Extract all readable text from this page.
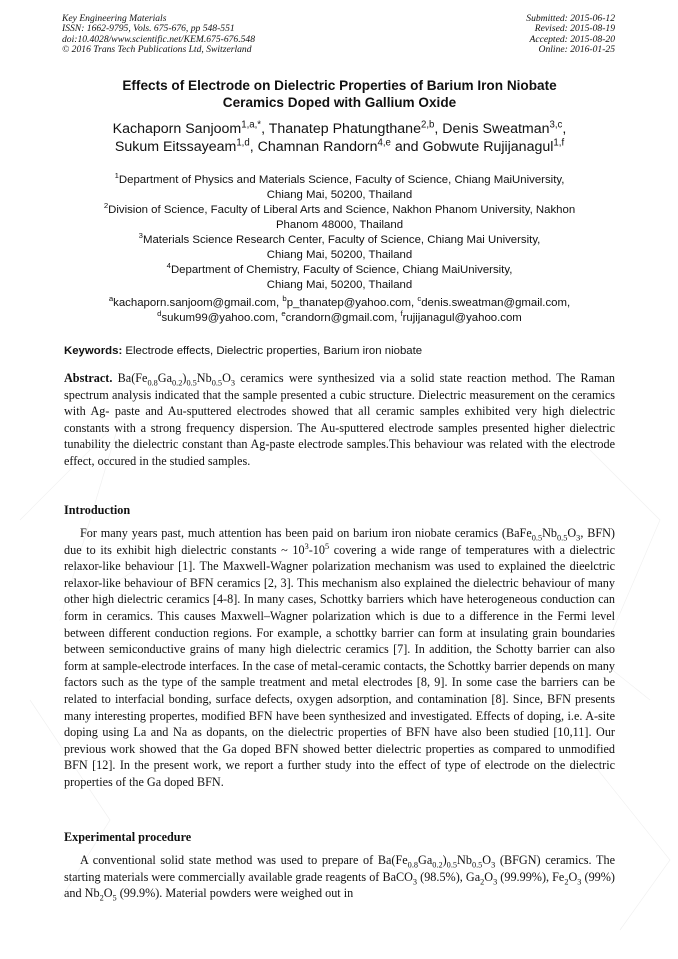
Key Engineering Materials
ISSN: 1662-9795, Vols. 675-676, pp 548-551
doi:10.4028/www.scientific.net/KEM.675-676.548
© 2016 Trans Tech Publications Ltd, Switzerland
Submitted: 2015-06-12
Revised: 2015-08-19
Accepted: 2015-08-20
Online: 2016-01-25
Effects of Electrode on Dielectric Properties of Barium Iron Niobate
Ceramics Doped with Gallium Oxide
Kachaporn Sanjoom$^{1,a,*}$, Thanatep Phatungthane$^{2,b}$, Denis Sweatman$^{3,c}$,
Sukum Eitssayeam$^{1,d}$, Chamnan Randorn$^{4,e}$ and Gobwute Rujijanagul$^{1,f}$
$^1$Department of Physics and Materials Science, Faculty of Science, Chiang MaiUniversity,
Chiang Mai, 50200, Thailand
$^2$Division of Science, Faculty of Liberal Arts and Science, Nakhon Phanom University, Nakhon
Phanom 48000, Thailand
$^3$Materials Science Research Center, Faculty of Science, Chiang Mai University,
Chiang Mai, 50200, Thailand
$^4$Department of Chemistry, Faculty of Science, Chiang MaiUniversity,
Chiang Mai, 50200, Thailand
$^a$kachaporn.sanjoom@gmail.com, $^b$p_thanatep@yahoo.com, $^c$denis.sweatman@gmail.com,
$^d$sukum99@yahoo.com, $^e$crandorn@gmail.com, $^f$rujijanagul@yahoo.com
Keywords: Electrode effects, Dielectric properties, Barium iron niobate
Abstract. $Ba(Fe_{0.8}Ga_{0.2})_{0.5}Nb_{0.5}O_3$ ceramics were synthesized via a solid state reaction method. The Raman spectrum analysis indicated that the sample presented a cubic structure. Dielectric measurement on the ceramics with Ag- paste and Au-sputtered electrodes showed that all ceramic samples exhibited very high dielectric constants with a strong frequency dispersion. The Au-sputtered electrode samples presented higher dielectric tunability the dielectric constant than Ag-paste electrode samples.This behaviour was related with the electrode effect, occured in the studied samples.
Introduction

For many years past, much attention has been paid on barium iron niobate ceramics ($BaFe_{0.5}Nb_{0.5}O_3$, BFN) due to its exhibit high dielectric constants ~ $10^3-10^5$ covering a wide range of temperatures with a dielectric relaxor-like behaviour [1]. The Maxwell-Wagner polarization mechanism was used to explained the dieelctric relaxor-like behaviour of BFN ceramics [2, 3]. This mechanism also explained the dielectric behaviour of many other high dielectric ceramics [4-8]. In many cases, Schottky barriers which have heterogeneous conduction can form in ceramics. This causes Maxwell–Wagner polarization which is due to a difference in the Fermi level between different conduction regions. For example, a schottky barrier can form at insulating grain boundaries between semiconductive grains of many high dielectric ceramics [7]. In addition, the Schotty barrier can also form at sample-electrode interfaces. In the case of metal-ceramic contacts, the Schottky barrier depends on many factors such as the type of the sample treatment and metal electrodes [8, 9]. In some case the barriers can be related to interfacial bonding, surface defects, oxygen adsorption, and contamination [8]. Since, BFN presents many interesting propertes, modified BFN have been synthesized and investigated. Effects of doping, i.e. A-site doping using La and Na as dopants, on the dielectric properties of BFN have also been studied [10,11]. Our previous work showed that the Ga doped BFN showed better dielectric properties as compared to unmodified BFN [12]. In the present work, we report a further study into the effect of type of electrode on the dielectric properties of the Ga doped BFN.

Experimental procedure

A conventional solid state method was used to prepare of $Ba(Fe_{0.8}Ga_{0.2})_{0.5}Nb_{0.5}O_3$ (BFGN) ceramics. The starting materials were commercially available grade reagents of BaCO$_3$ (98.5%), $Ga_2O_3$ (99.99%), $Fe_2O_3$ (99%) and $Nb_2O_5$ (99.9%). Material powders were weighed out in
